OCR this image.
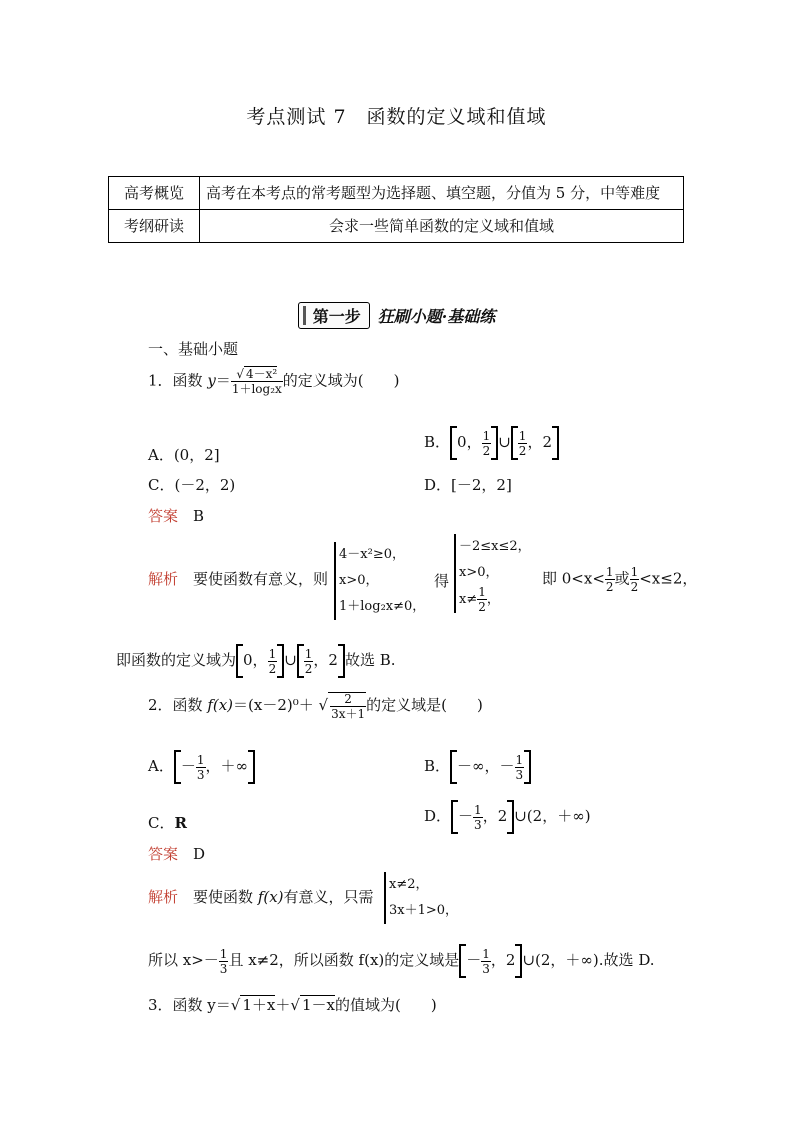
考点测试 7　函数的定义域和值域
高考概览	高考在本考点的常考题型为选择题、填空题，分值为 5 分，中等难度
考纲研读	会求一些简单函数的定义域和值域
第一步 狂刷小题·基础练
一、基础小题
1．函数 $y= \frac{\text{√ 4－x²}}{\text{1＋log₂x}}$ 的定义域为(　　)
A．(0，2]
B． 0， $\frac{1}{2}$ ∪ $\frac{1}{2}$ ，2
C．(－2，2)	D．[－2，2]
答案　 B
解析　 要使函数有意义，则
4－x²≥0，
x>0，
1＋log₂x≠0，
得
－2≤x≤2，
x>0，
$x\ne \frac{1}{2}$ ，
即 $0<x< \frac{1}{2}$ 或 $\frac{1}{2} <x\le 2$，
即函数的定义域为 0， $\frac{1}{2}$ ∪ $\frac{1}{2}$ ，2 故选 B.
2．函数 f(x)＝(x－2)⁰＋ √ $\frac{2}{3x+1}$ 的定义域是(　　)
A． － $\frac{1}{3}$ ，＋∞	B． －∞，－ $\frac{1}{3}$
C．R	D． － $\frac{1}{3}$ ，2 ∪(2，＋∞)
答案　 D
解析　 要使函数 f(x)有意义，只需
x≠2，
3x＋1>0，
所以 $x>- \frac{1}{3}$ 且 x≠2，所以函数 f(x)的定义域是 － $\frac{1}{3}$ ，2 ∪(2，＋∞).故选 D.
3．函数 y＝√ 1＋x＋√ 1－x的值域为(　　)
